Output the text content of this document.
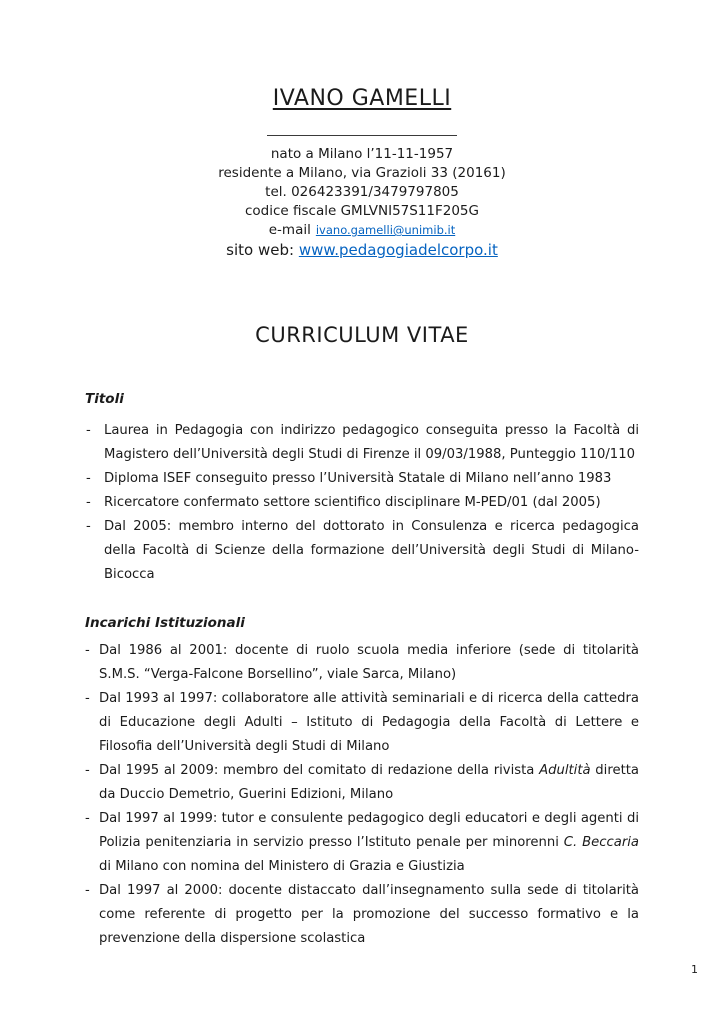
IVANO GAMELLI
nato a Milano l’11-11-1957
residente a Milano, via Grazioli 33 (20161)
tel. 026423391/3479797805
codice fiscale GMLVNI57S11F205G
e-mail ivano.gamelli@unimib.it
sito web: www.pedagogiadelcorpo.it
CURRICULUM VITAE
Titoli
- Laurea in Pedagogia con indirizzo pedagogico conseguita presso la Facoltà di Magistero dell’Università degli Studi di Firenze il 09/03/1988, Punteggio 110/110
- Diploma ISEF conseguito presso l’Università Statale di Milano nell’anno 1983
- Ricercatore confermato settore scientifico disciplinare M-PED/01 (dal 2005)
- Dal 2005: membro interno del dottorato in Consulenza e ricerca pedagogica della Facoltà di Scienze della formazione dell’Università degli Studi di Milano-Bicocca
Incarichi Istituzionali
- Dal 1986 al 2001: docente di ruolo scuola media inferiore (sede di titolarità S.M.S. “Verga-Falcone Borsellino”, viale Sarca, Milano)
- Dal 1993 al 1997: collaboratore alle attività seminariali e di ricerca della cattedra di Educazione degli Adulti – Istituto di Pedagogia della Facoltà di Lettere e Filosofia dell’Università degli Studi di Milano
- Dal 1995 al 2009: membro del comitato di redazione della rivista Adultità diretta da Duccio Demetrio, Guerini Edizioni, Milano
- Dal 1997 al 1999: tutor e consulente pedagogico degli educatori e degli agenti di Polizia penitenziaria in servizio presso l’Istituto penale per minorenni C. Beccaria di Milano con nomina del Ministero di Grazia e Giustizia
- Dal 1997 al 2000: docente distaccato dall’insegnamento sulla sede di titolarità come referente di progetto per la promozione del successo formativo e la prevenzione della dispersione scolastica
1
